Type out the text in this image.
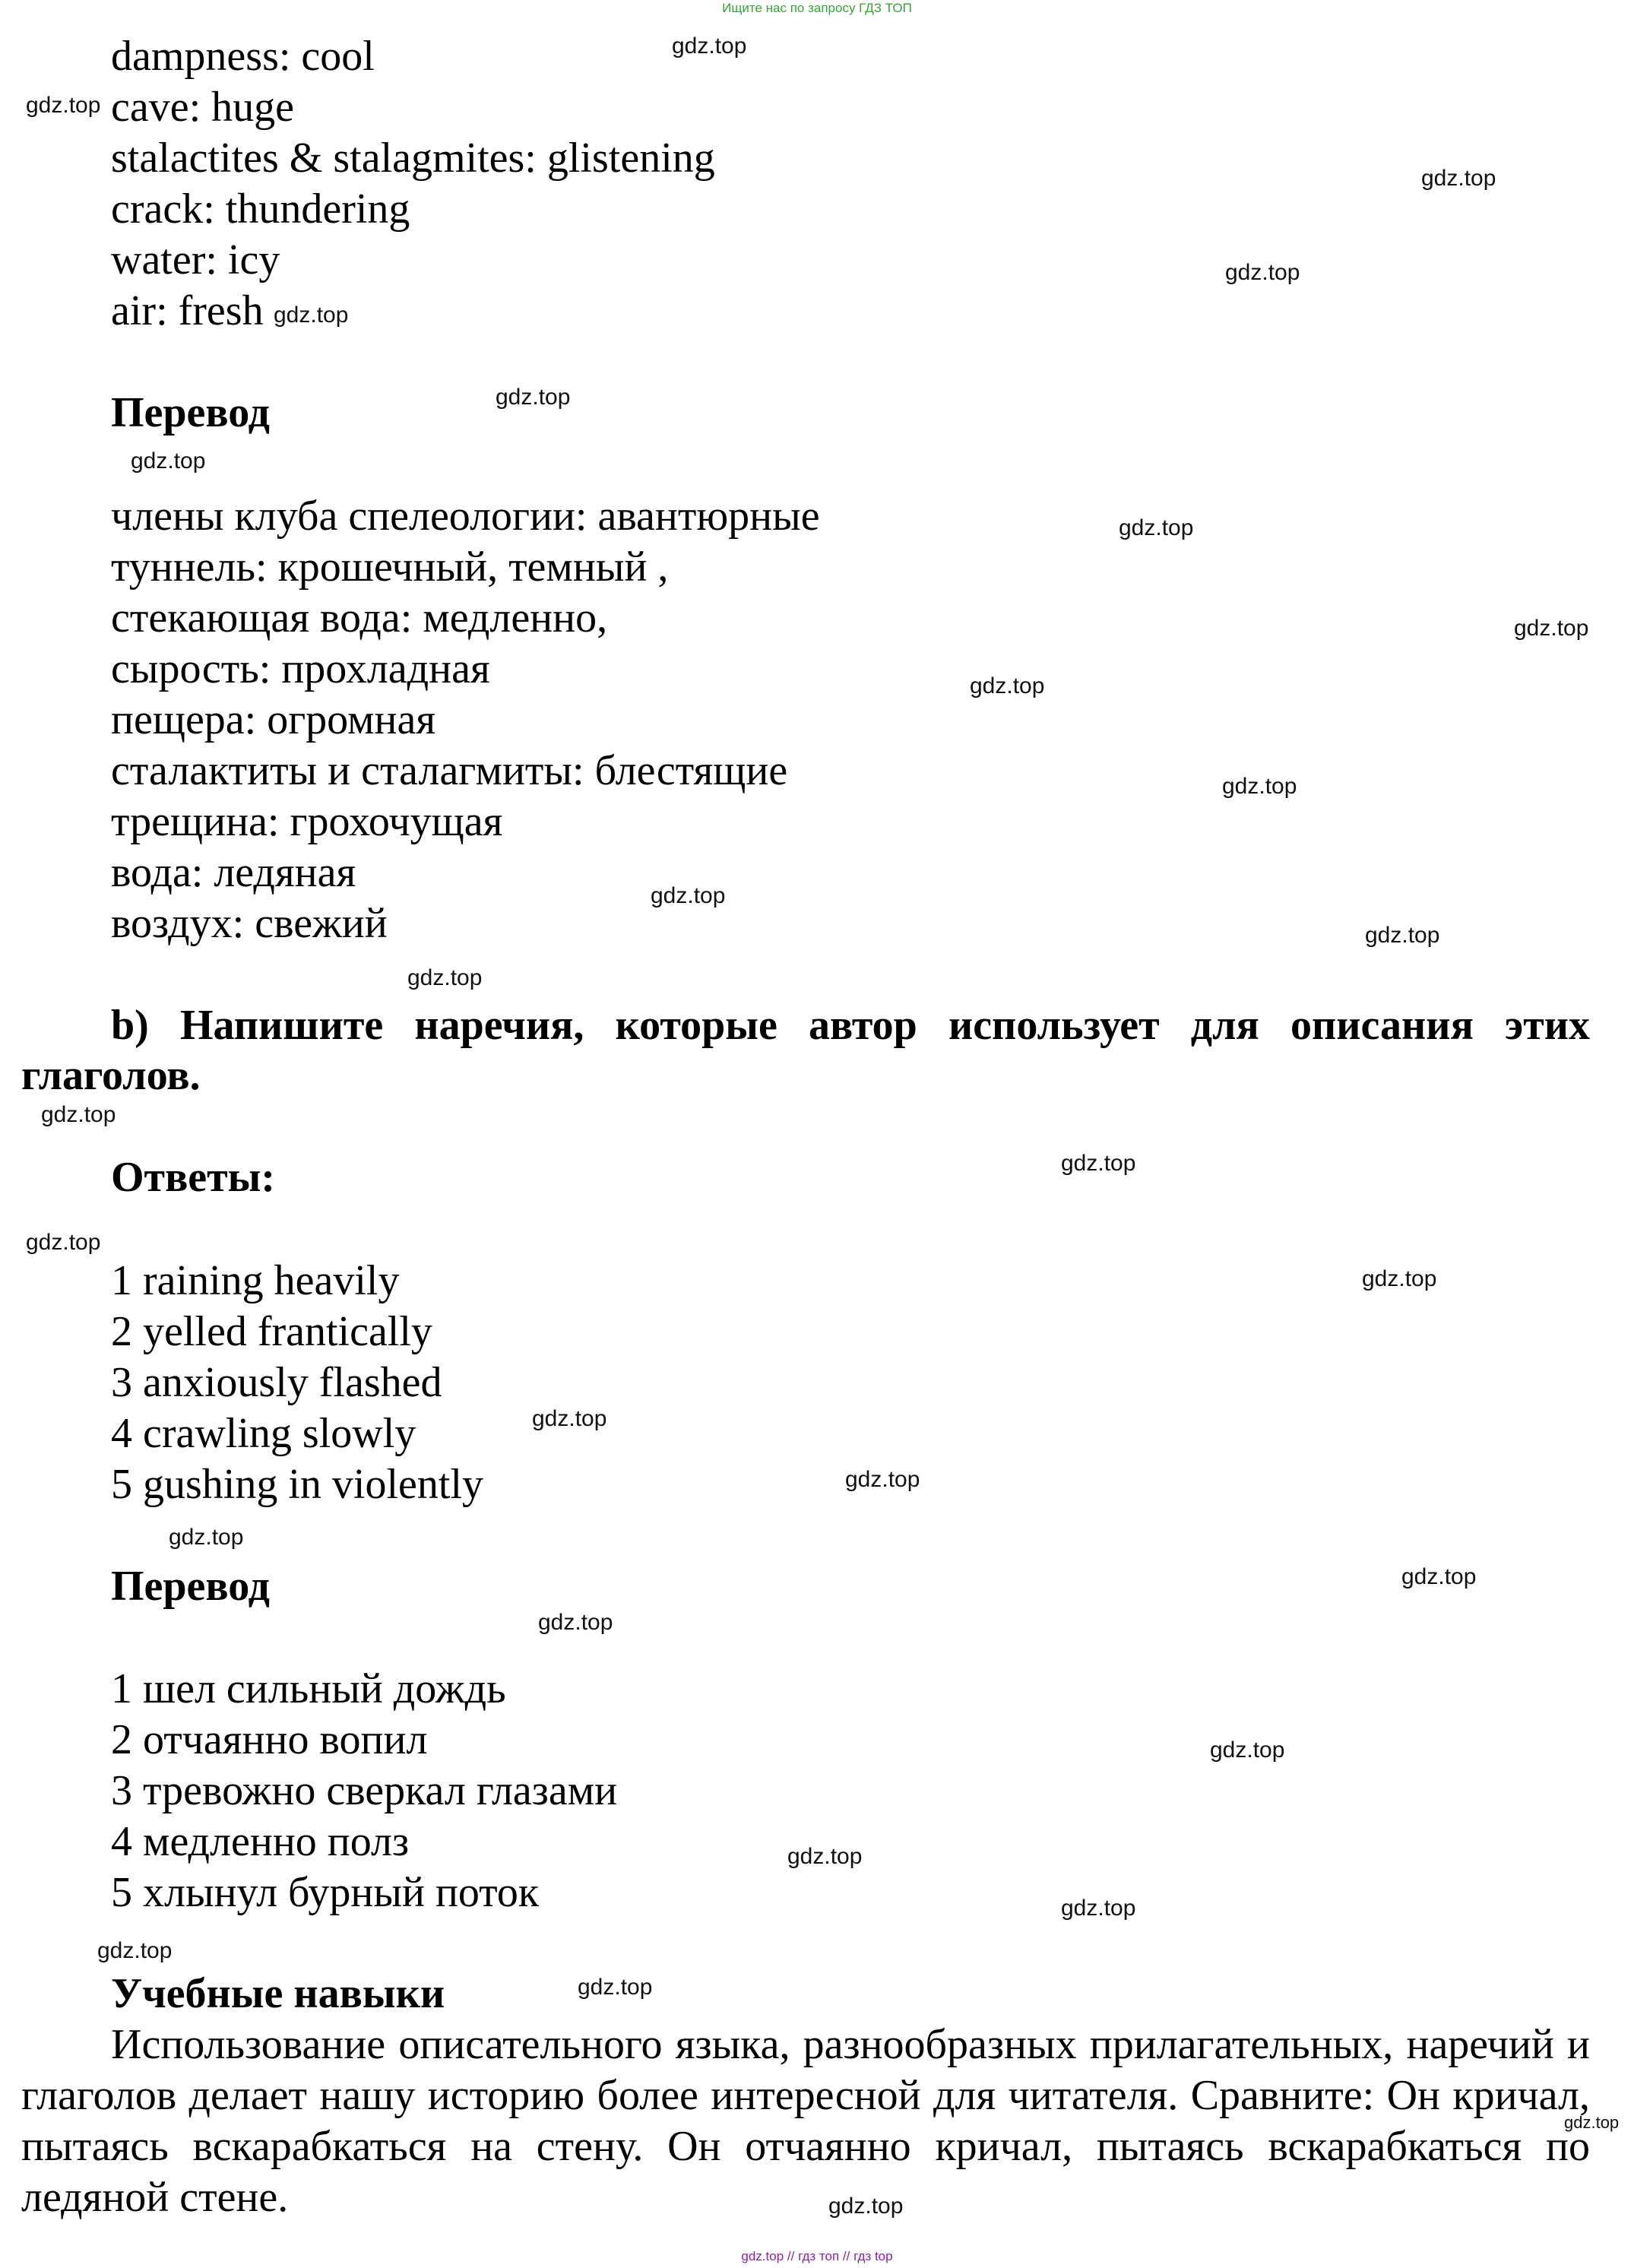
Ищите нас по запросу ГДЗ ТОП
dampness: cool
cave: huge
stalactites & stalagmites: glistening
crack: thundering
water: icy
air: fresh
Перевод
члены клуба спелеологии: авантюрные
туннель: крошечный, темный ,
стекающая вода: медленно,
сырость: прохладная
пещера: огромная
сталактиты и сталагмиты: блестящие
трещина: грохочущая
вода: ледяная
воздух: свежий
b) Напишите наречия, которые автор использует для описания этих глаголов.
Ответы:
1 raining heavily
2 yelled frantically
3 anxiously flashed
4 crawling slowly
5 gushing in violently
Перевод
1 шел сильный дождь
2 отчаянно вопил
3 тревожно сверкал глазами
4 медленно полз
5 хлынул бурный поток
Учебные навыки
Использование описательного языка, разнообразных прилагательных, наречий и глаголов делает нашу историю более интересной для читателя. Сравните: Он кричал, пытаясь вскарабкаться на стену. Он отчаянно кричал, пытаясь вскарабкаться по ледяной стене.
gdz.top
gdz.top
gdz.top
gdz.top
gdz.top
gdz.top
gdz.top
gdz.top
gdz.top
gdz.top
gdz.top
gdz.top
gdz.top
gdz.top
gdz.top
gdz.top
gdz.top
gdz.top
gdz.top
gdz.top
gdz.top
gdz.top
gdz.top
gdz.top
gdz.top
gdz.top
gdz.top
gdz.top
gdz.top
gdz.top
gdz.top // гдз топ // гдз top
